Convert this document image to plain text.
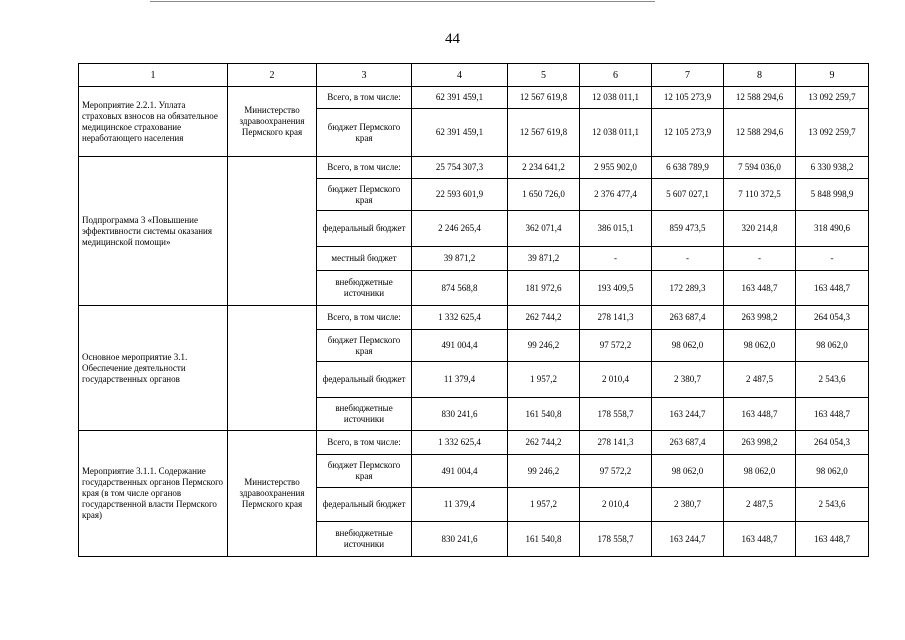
44
1	2	3	4	5	6	7	8	9
Мероприятие 2.2.1. Уплата страховых взносов на обязательное медицинское страхование неработающего населения	Министерство здравоохранения Пермского края	Всего, в том числе:	62 391 459,1	12 567 619,8	12 038 011,1	12 105 273,9	12 588 294,6	13 092 259,7
		бюджет Пермского края	62 391 459,1	12 567 619,8	12 038 011,1	12 105 273,9	12 588 294,6	13 092 259,7
Подпрограмма 3 «Повышение эффективности системы оказания медицинской помощи»		Всего, в том числе:	25 754 307,3	2 234 641,2	2 955 902,0	6 638 789,9	7 594 036,0	6 330 938,2
		бюджет Пермского края	22 593 601,9	1 650 726,0	2 376 477,4	5 607 027,1	7 110 372,5	5 848 998,9
		федеральный бюджет	2 246 265,4	362 071,4	386 015,1	859 473,5	320 214,8	318 490,6
		местный бюджет	39 871,2	39 871,2	-	-	-	-
		внебюджетные источники	874 568,8	181 972,6	193 409,5	172 289,3	163 448,7	163 448,7
Основное мероприятие 3.1. Обеспечение деятельности государственных органов		Всего, в том числе:	1 332 625,4	262 744,2	278 141,3	263 687,4	263 998,2	264 054,3
		бюджет Пермского края	491 004,4	99 246,2	97 572,2	98 062,0	98 062,0	98 062,0
		федеральный бюджет	11 379,4	1 957,2	2 010,4	2 380,7	2 487,5	2 543,6
		внебюджетные источники	830 241,6	161 540,8	178 558,7	163 244,7	163 448,7	163 448,7
Мероприятие 3.1.1. Содержание государственных органов Пермского края (в том числе органов государственной власти Пермского края)	Министерство здравоохранения Пермского края	Всего, в том числе:	1 332 625,4	262 744,2	278 141,3	263 687,4	263 998,2	264 054,3
		бюджет Пермского края	491 004,4	99 246,2	97 572,2	98 062,0	98 062,0	98 062,0
		федеральный бюджет	11 379,4	1 957,2	2 010,4	2 380,7	2 487,5	2 543,6
		внебюджетные источники	830 241,6	161 540,8	178 558,7	163 244,7	163 448,7	163 448,7
